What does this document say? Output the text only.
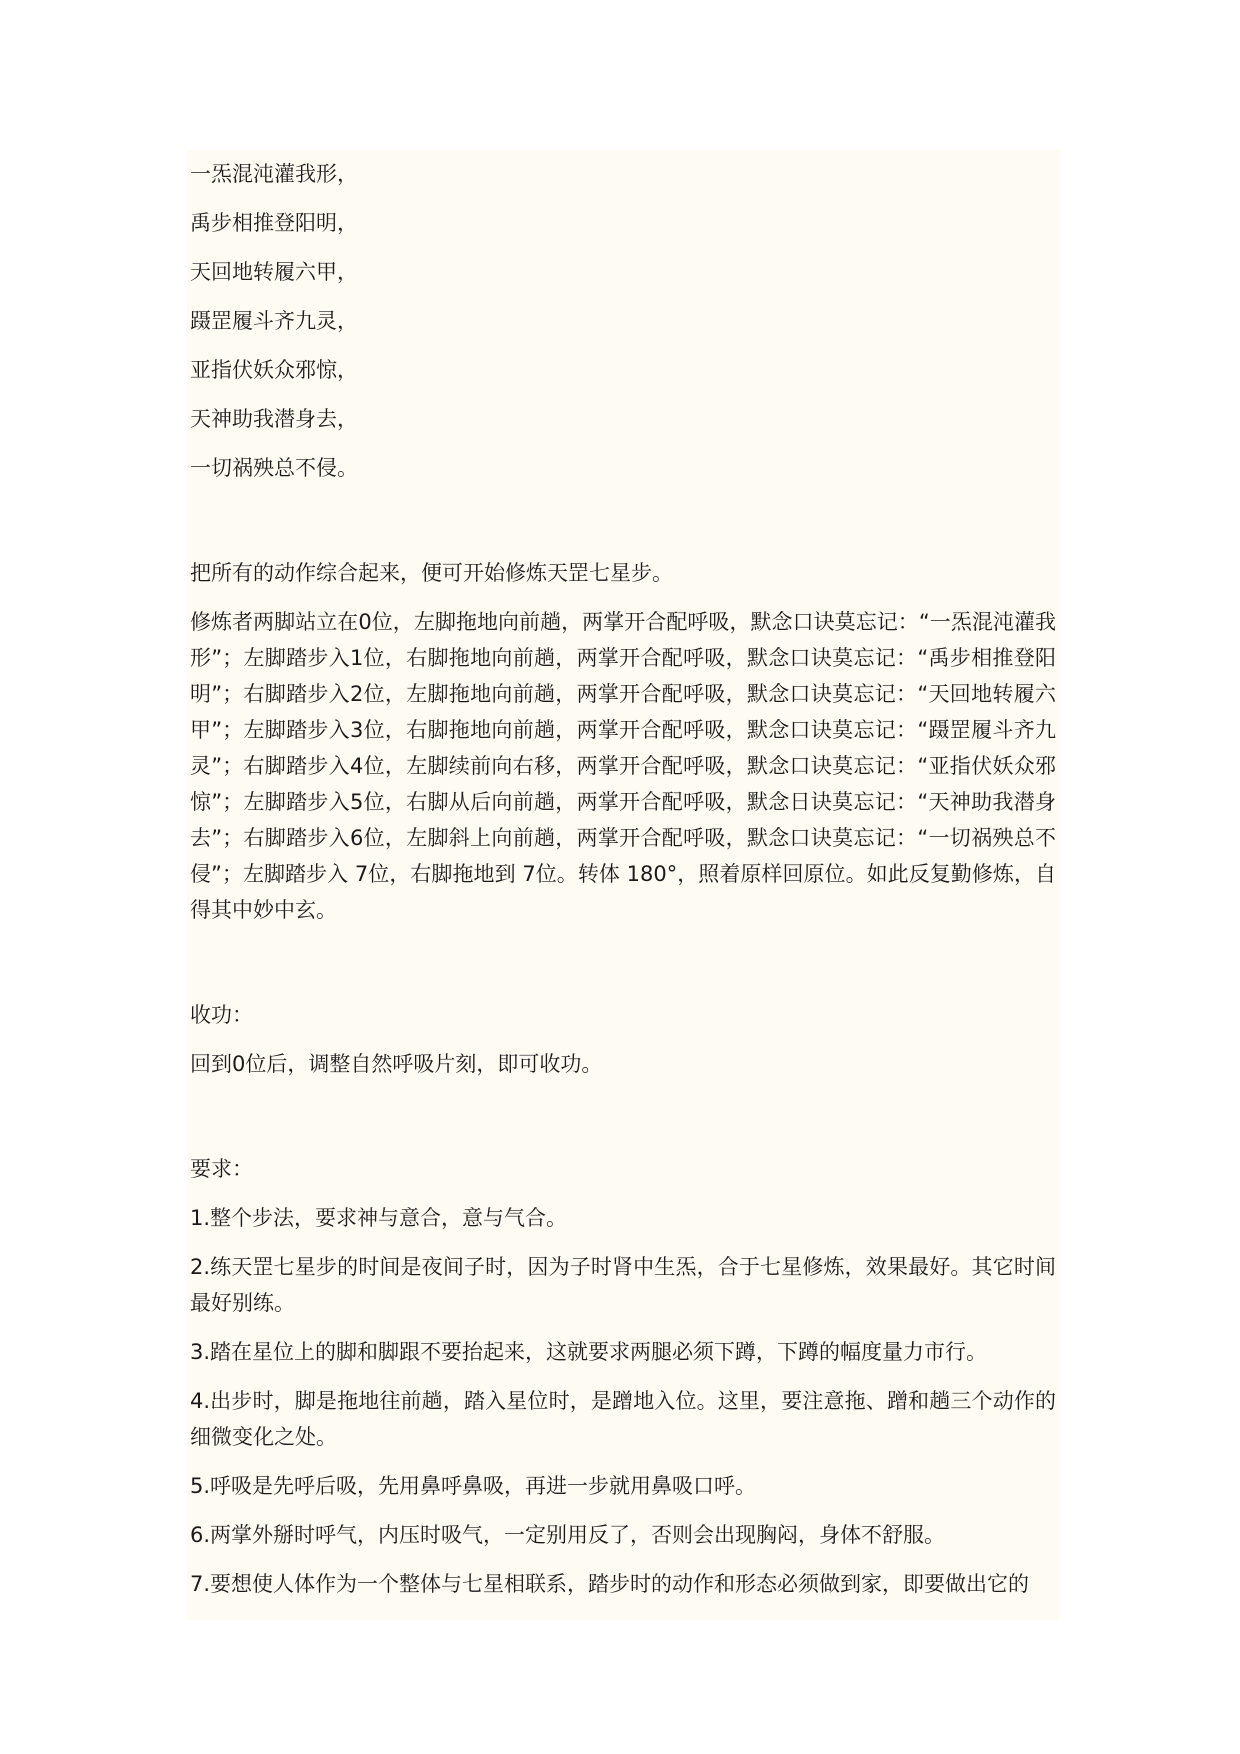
一炁混沌灌我形，

禹步相推登阳明，

天回地转履六甲，

蹑罡履斗齐九灵，

亚指伏妖众邪惊，

天神助我潜身去，

一切祸殃总不侵。

把所有的动作综合起来，便可开始修炼天罡七星步。

修炼者两脚站立在0位，左脚拖地向前趟，两掌开合配呼吸，默念口诀莫忘记：“一炁混沌灌我形”；左脚踏步入1位，右脚拖地向前趟，两掌开合配呼吸，默念口诀莫忘记：“禹步相推登阳明”；右脚踏步入2位，左脚拖地向前趟，两掌开合配呼吸，默念口诀莫忘记：“天回地转履六甲”；左脚踏步入3位，右脚拖地向前趟，两掌开合配呼吸，默念口诀莫忘记：“蹑罡履斗齐九灵”；右脚踏步入4位，左脚续前向右移，两掌开合配呼吸，默念口诀莫忘记：“亚指伏妖众邪惊”；左脚踏步入5位，右脚从后向前趟，两掌开合配呼吸，默念日诀莫忘记：“天神助我潜身去”；右脚踏步入6位，左脚斜上向前趟，两掌开合配呼吸，默念口诀莫忘记：“一切祸殃总不侵”；左脚踏步入 7位，右脚拖地到 7位。转体 180°，照着原样回原位。如此反复勤修炼，自得其中妙中玄。

收功：

回到0位后，调整自然呼吸片刻，即可收功。

要求：

1.整个步法，要求神与意合，意与气合。

2.练天罡七星步的时间是夜间子时，因为子时肾中生炁，合于七星修炼，效果最好。其它时间最好别练。

3.踏在星位上的脚和脚跟不要抬起来，这就要求两腿必须下蹲，下蹲的幅度量力市行。

4.出步时，脚是拖地往前趟，踏入星位时，是蹭地入位。这里，要注意拖、蹭和趟三个动作的细微变化之处。

5.呼吸是先呼后吸，先用鼻呼鼻吸，再进一步就用鼻吸口呼。

6.两掌外掰时呼气，内压时吸气，一定别用反了，否则会出现胸闷，身体不舒服。

7.要想使人体作为一个整体与七星相联系，踏步时的动作和形态必须做到家，即要做出它的
